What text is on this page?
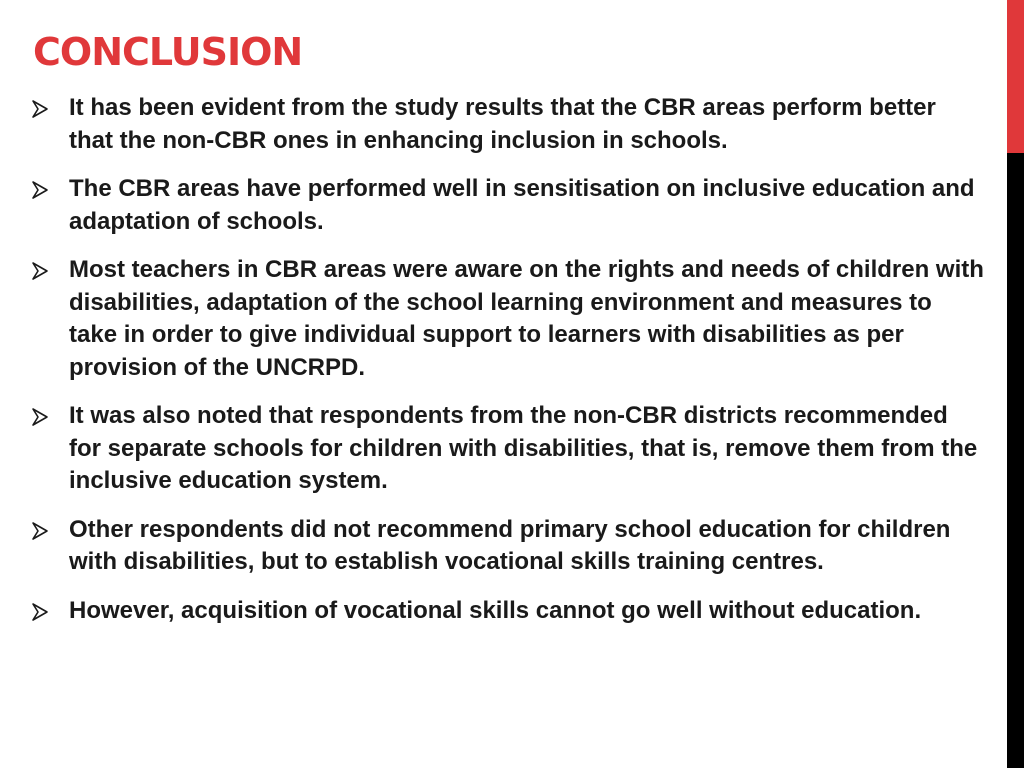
CONCLUSION
It has been evident from the study results that the CBR areas perform better that the non-CBR ones in enhancing inclusion in schools.
The CBR areas have performed well in sensitisation on inclusive education and adaptation of schools.
Most teachers in CBR areas were aware on the rights and needs of children with disabilities, adaptation of the school learning environment and measures to take in order to give individual support to learners with disabilities as per provision of the UNCRPD.
It was also noted that respondents from the non-CBR districts recommended for separate schools for children with disabilities, that is, remove them from the inclusive education system.
Other respondents did not recommend primary school education for children with disabilities, but to establish vocational skills training centres.
However, acquisition of vocational skills cannot go well without education.
